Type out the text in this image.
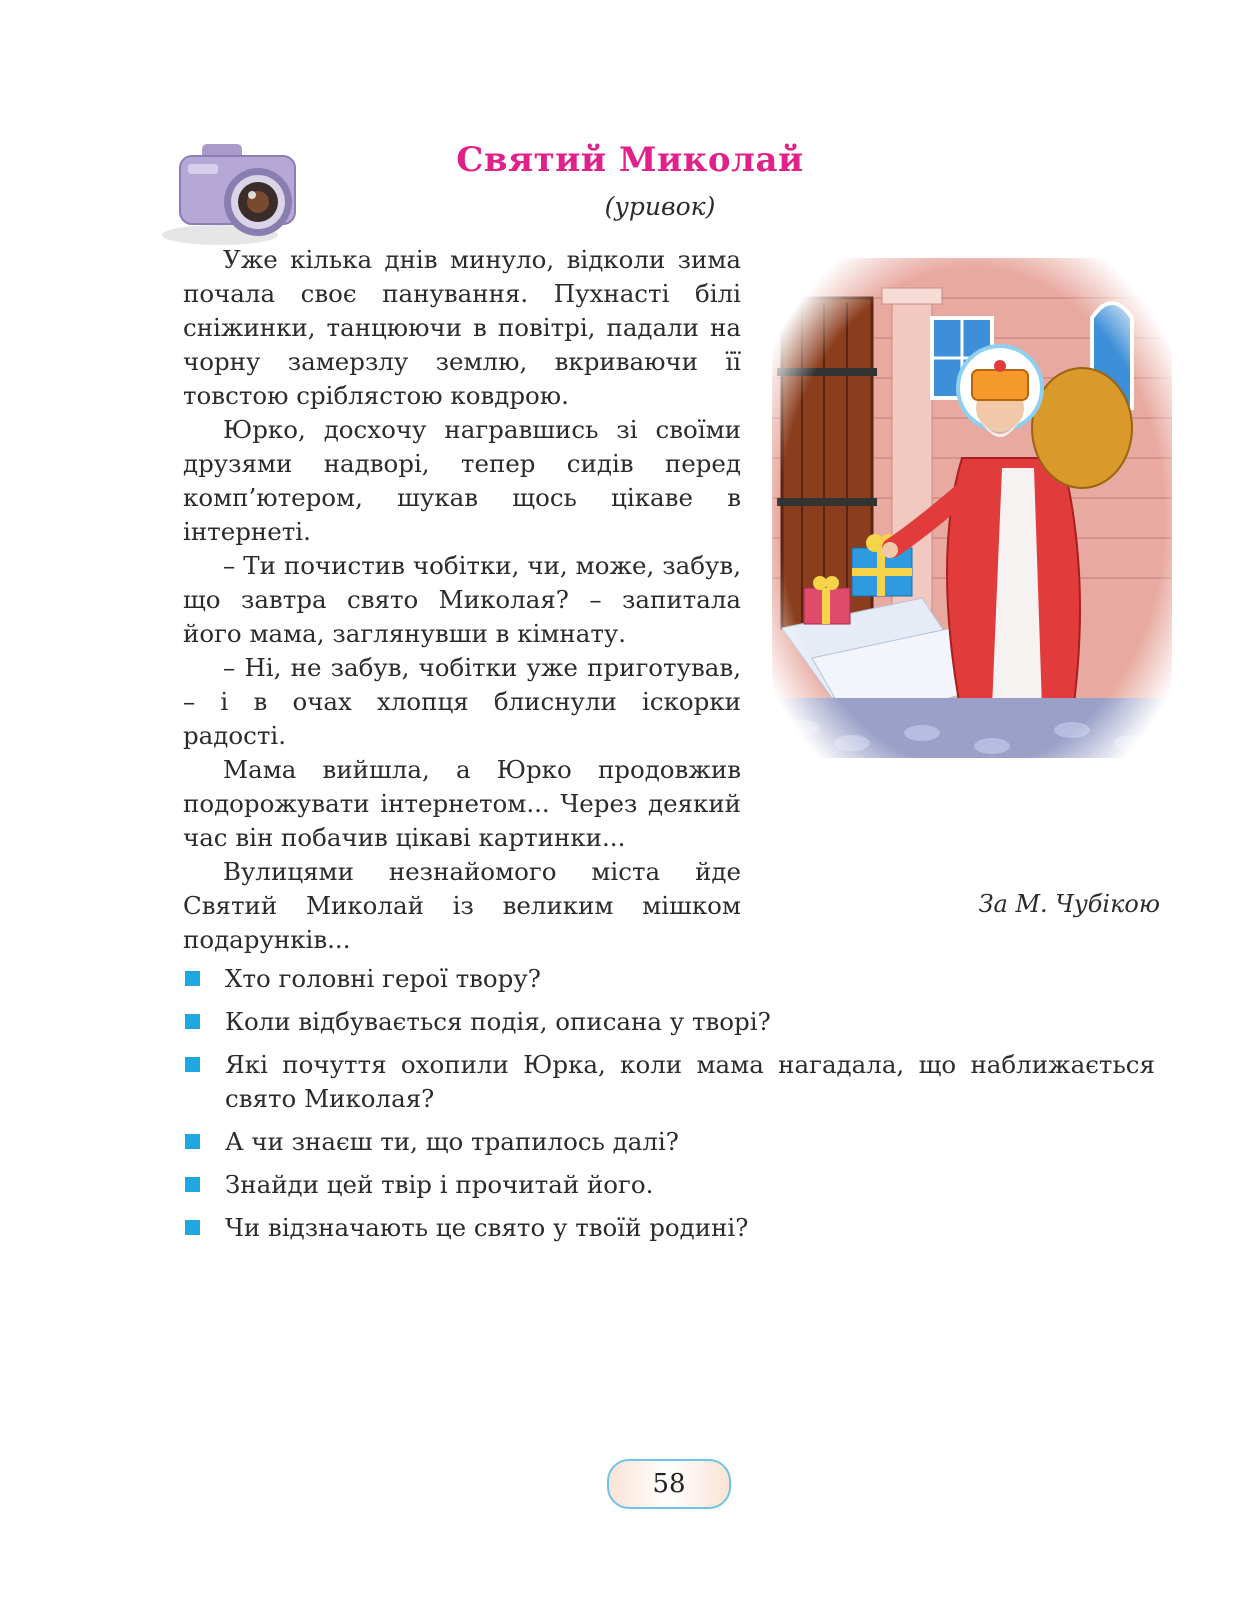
Святий Миколай
(уривок)

Уже кілька днів минуло, відколи зима почала своє панування. Пухнасті білі сніжинки, танцюючи в повітрі, падали на чорну замерзлу землю, вкриваючи її товстою сріблястою ковдрою.

Юрко, досхочу награвшись зі своїми друзями надворі, тепер сидів перед комп’ютером, шукав щось цікаве в інтернеті.

– Ти почистив чобітки, чи, може, забув, що завтра свято Миколая? – запитала його мама, заглянувши в кімнату.

– Ні, не забув, чобітки уже приготував, – і в очах хлопця блиснули іскорки радості.

Мама вийшла, а Юрко продовжив подорожувати інтернетом... Через деякий час він побачив цікаві картинки...

Вулицями незнайомого міста йде Святий Миколай із великим мішком подарунків...

За М. Чубікою
Хто головні герої твору?
Коли відбувається подія, описана у творі?
Які почуття охопили Юрка, коли мама нагадала, що наближається свято Миколая?
А чи знаєш ти, що трапилось далі?
Знайди цей твір і прочитай його.
Чи відзначають це свято у твоїй родині?
58
